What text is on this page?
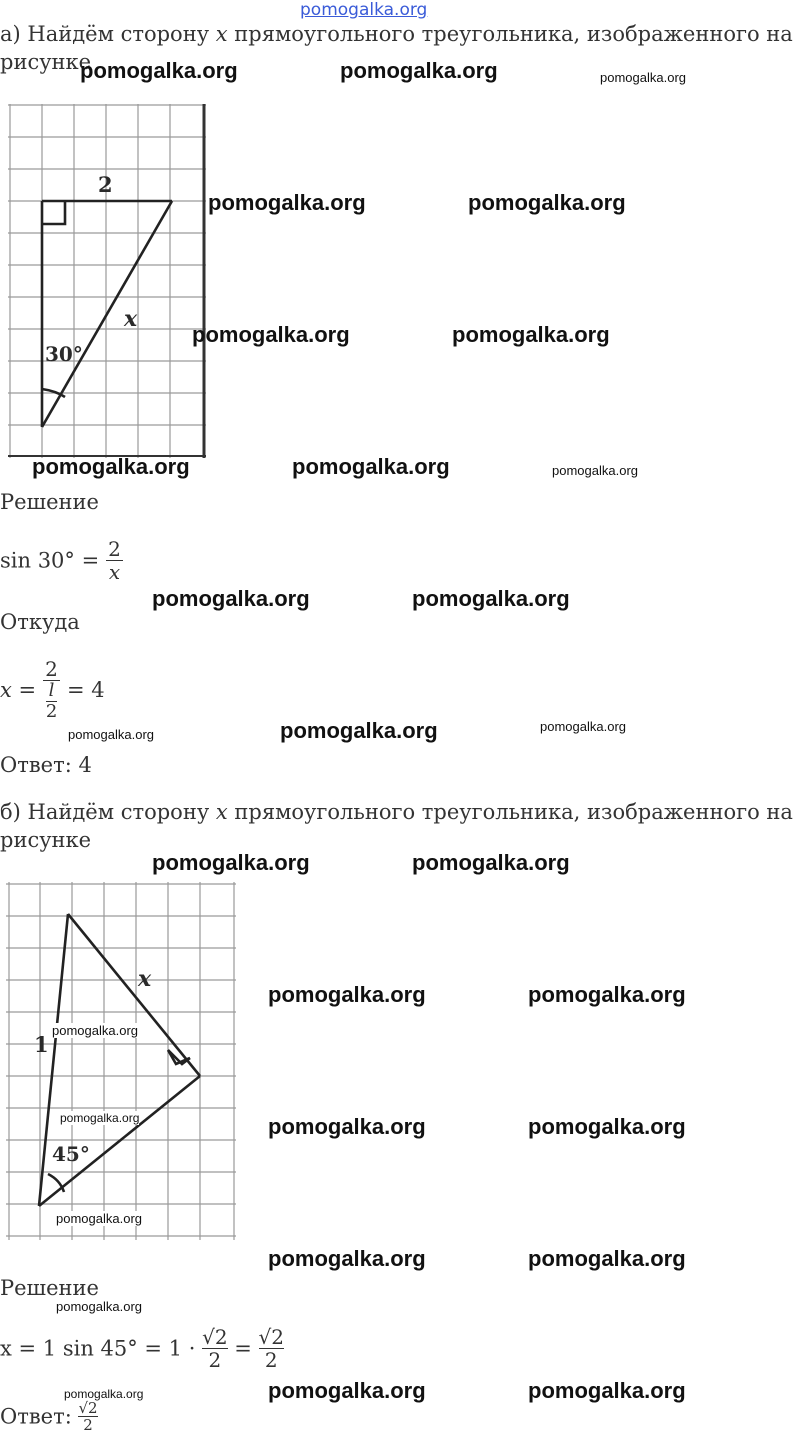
pomogalka.org
а) Найдём сторону x прямоугольного треугольника, изображенного на
рисунке
2
x
30°
Решение
$\sin 30^\circ = \frac{2}{x}$
Откуда
x = 2
l
2 = 4
Ответ: 4
б) Найдём сторону x прямоугольного треугольника, изображенного на
рисунке
x
1
45°
Решение
x = 1 $\sin 45^\circ = 1 \cdot \frac{√2}{2} = \frac{√2}{2}$
Ответ: $\frac{√2}{2}$
pomogalka.org	pomogalka.org	pomogalka.org
pomogalka.org	pomogalka.org
pomogalka.org	pomogalka.org
pomogalka.org	pomogalka.org	pomogalka.org
pomogalka.org	pomogalka.org
pomogalka.org	pomogalka.org	pomogalka.org
pomogalka.org	pomogalka.org
pomogalka.org	pomogalka.org
pomogalka.org
pomogalka.org	pomogalka.org	pomogalka.org
pomogalka.org
pomogalka.org	pomogalka.org
pomogalka.org
pomogalka.org	pomogalka.org	pomogalka.org
